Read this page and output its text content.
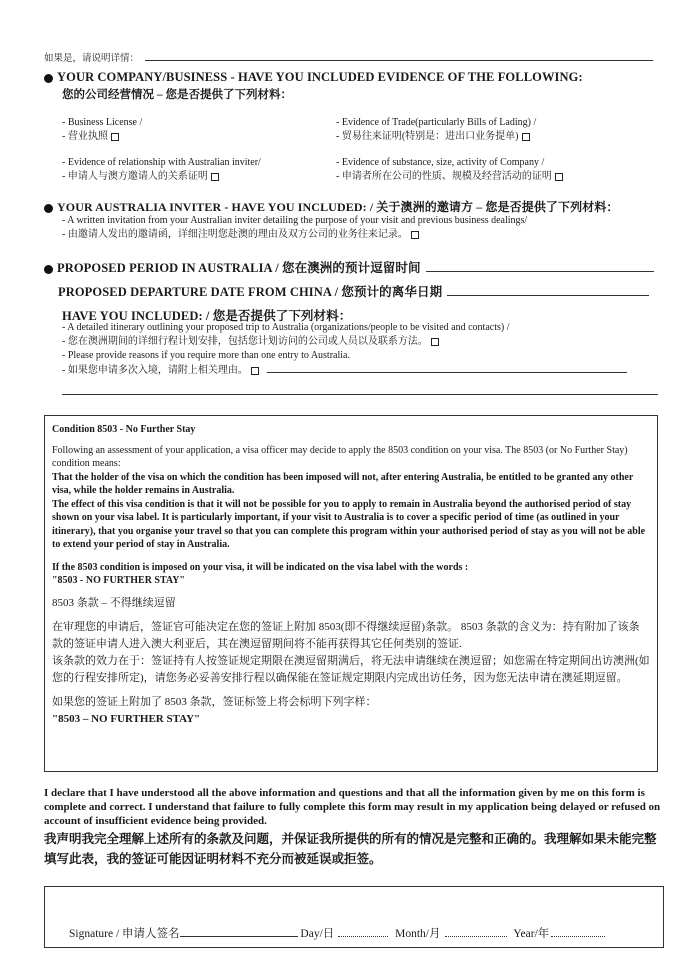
如果是，请说明详情：
YOUR COMPANY/BUSINESS - HAVE YOU INCLUDED EVIDENCE OF THE FOLLOWING:
您的公司经营情况 – 您是否提供了下列材料：
- Business License /
- 营业执照
- Evidence of Trade(particularly Bills of Lading) /
- 贸易往来证明(特别是：进出口业务提单)
- Evidence of relationship with Australian inviter/
- 申请人与澳方邀请人的关系证明
- Evidence of substance, size, activity of Company /
- 申请者所在公司的性质、规模及经营活动的证明
YOUR AUSTRALIA INVITER - HAVE YOU INCLUDED: / 关于澳洲的邀请方 – 您是否提供了下列材料：
- A written invitation from your Australian inviter detailing the purpose of your visit and previous business dealings/
- 由邀请人发出的邀请函，详细注明您赴澳的理由及双方公司的业务往来记录。
PROPOSED PERIOD IN AUSTRALIA / 您在澳洲的预计逗留时间
PROPOSED DEPARTURE DATE FROM CHINA / 您预计的离华日期
HAVE YOU INCLUDED: / 您是否提供了下列材料：
- A detailed itinerary outlining your proposed trip to Australia (organizations/people to be visited and contacts) /
- 您在澳洲期间的详细行程计划安排，包括您计划访问的公司或人员以及联系方法。
- Please provide reasons if you require more than one entry to Australia.
- 如果您申请多次入境，请附上相关理由。

Condition 8503 - No Further Stay

Following an assessment of your application, a visa officer may decide to apply the 8503 condition on your visa. The 8503 (or No Further Stay) condition means:

That the holder of the visa on which the condition has been imposed will not, after entering Australia, be entitled to be granted any other visa, while the holder remains in Australia.

The effect of this visa condition is that it will not be possible for you to apply to remain in Australia beyond the authorised period of stay shown on your visa label. It is particularly important, if your visit to Australia is to cover a specific period of time (as outlined in your itinerary), that you organise your travel so that you can complete this program within your authorised period of stay as you will not be able to extend your period of stay in Australia.

If the 8503 condition is imposed on your visa, it will be indicated on the visa label with the words :

"8503 - NO FURTHER STAY"

8503 条款 – 不得继续逗留

在审理您的申请后，签证官可能决定在您的签证上附加 8503(即不得继续逗留)条款。 8503 条款的含义为：持有附加了该条款的签证申请人进入澳大利亚后，其在澳逗留期间将不能再获得其它任何类别的签证.

该条款的效力在于：签证持有人按签证规定期限在澳逗留期满后，将无法申请继续在澳逗留；如您需在特定期间出访澳洲(如您的行程安排所定)，请您务必妥善安排行程以确保能在签证规定期限内完成出访任务，因为您无法申请在澳延期逗留。

如果您的签证上附加了 8503 条款，签证标签上将会标明下列字样：

"8503 – NO FURTHER STAY"

I declare that I have understood all the above information and questions and that all the information given by me on this form is complete and correct. I understand that failure to fully complete this form may result in my application being delayed or refused on account of insufficient evidence being provided.
我声明我完全理解上述所有的条款及问题，并保证我所提供的所有的情况是完整和正确的。我理解如果未能完整填写此表，我的签证可能因证明材料不充分而被延误或拒签。
Signature / 申请人签名	Day/日	Month/月	Year/年
